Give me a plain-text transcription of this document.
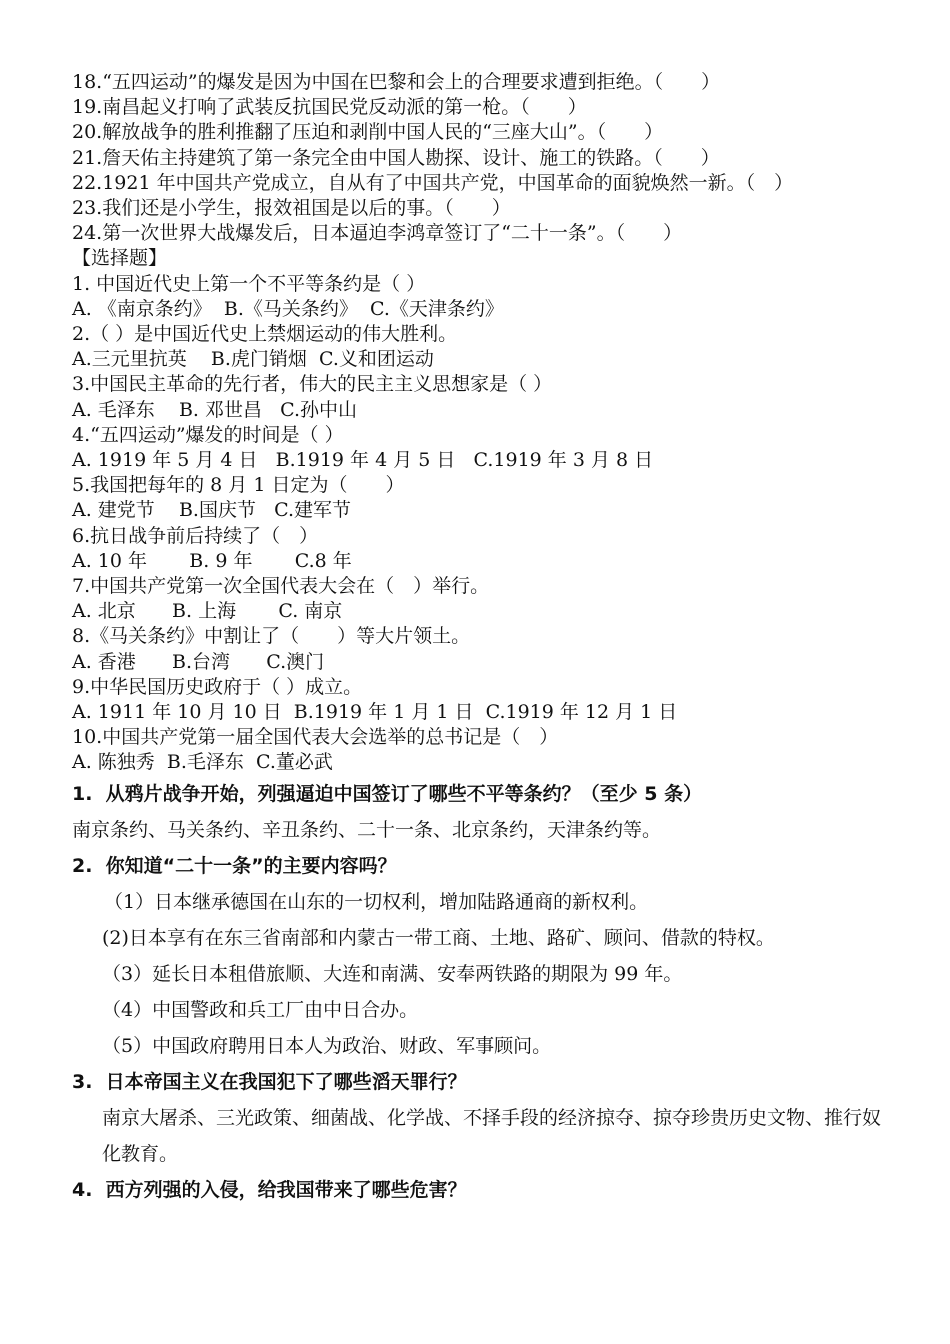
18.“五四运动”的爆发是因为中国在巴黎和会上的合理要求遭到拒绝。（　　）
19.南昌起义打响了武装反抗国民党反动派的第一枪。（　　）
20.解放战争的胜利推翻了压迫和剥削中国人民的“三座大山”。（　　）
21.詹天佑主持建筑了第一条完全由中国人勘探、设计、施工的铁路。（　　）
22.1921 年中国共产党成立，自从有了中国共产党，中国革命的面貌焕然一新。（　）
23.我们还是小学生，报效祖国是以后的事。（　　）
24.第一次世界大战爆发后，日本逼迫李鸿章签订了“二十一条”。（　　）
【选择题】
1. 中国近代史上第一个不平等条约是（ ）
A. 《南京条约》  B.《马关条约》  C.《天津条约》
2.（ ）是中国近代史上禁烟运动的伟大胜利。
A.三元里抗英    B.虎门销烟  C.义和团运动
3.中国民主革命的先行者，伟大的民主主义思想家是（ ）
A. 毛泽东    B. 邓世昌   C.孙中山
4.“五四运动”爆发的时间是（ ）
A. 1919 年 5 月 4 日   B.1919 年 4 月 5 日   C.1919 年 3 月 8 日
5.我国把每年的 8 月 1 日定为（　　）
A. 建党节    B.国庆节   C.建军节
6.抗日战争前后持续了（　）
A. 10 年       B. 9 年       C.8 年
7.中国共产党第一次全国代表大会在（　）举行。
A. 北京      B. 上海       C. 南京
8.《马关条约》中割让了（　　）等大片领土。
A. 香港      B.台湾      C.澳门
9.中华民国历史政府于（ ）成立。
A. 1911 年 10 月 10 日  B.1919 年 1 月 1 日  C.1919 年 12 月 1 日
10.中国共产党第一届全国代表大会选举的总书记是（　）
A. 陈独秀  B.毛泽东  C.董必武
1.  从鸦片战争开始，列强逼迫中国签订了哪些不平等条约？（至少 5 条）
南京条约、马关条约、辛丑条约、二十一条、北京条约，天津条约等。
2.  你知道“二十一条”的主要内容吗？
（1）日本继承德国在山东的一切权利，增加陆路通商的新权利。
(2)日本享有在东三省南部和内蒙古一带工商、土地、路矿、顾问、借款的特权。
（3）延长日本租借旅顺、大连和南满、安奉两铁路的期限为 99 年。
（4）中国警政和兵工厂由中日合办。
（5）中国政府聘用日本人为政治、财政、军事顾问。
3.  日本帝国主义在我国犯下了哪些滔天罪行？
南京大屠杀、三光政策、细菌战、化学战、不择手段的经济掠夺、掠夺珍贵历史文物、推行奴化教育。
4.  西方列强的入侵，给我国带来了哪些危害？
